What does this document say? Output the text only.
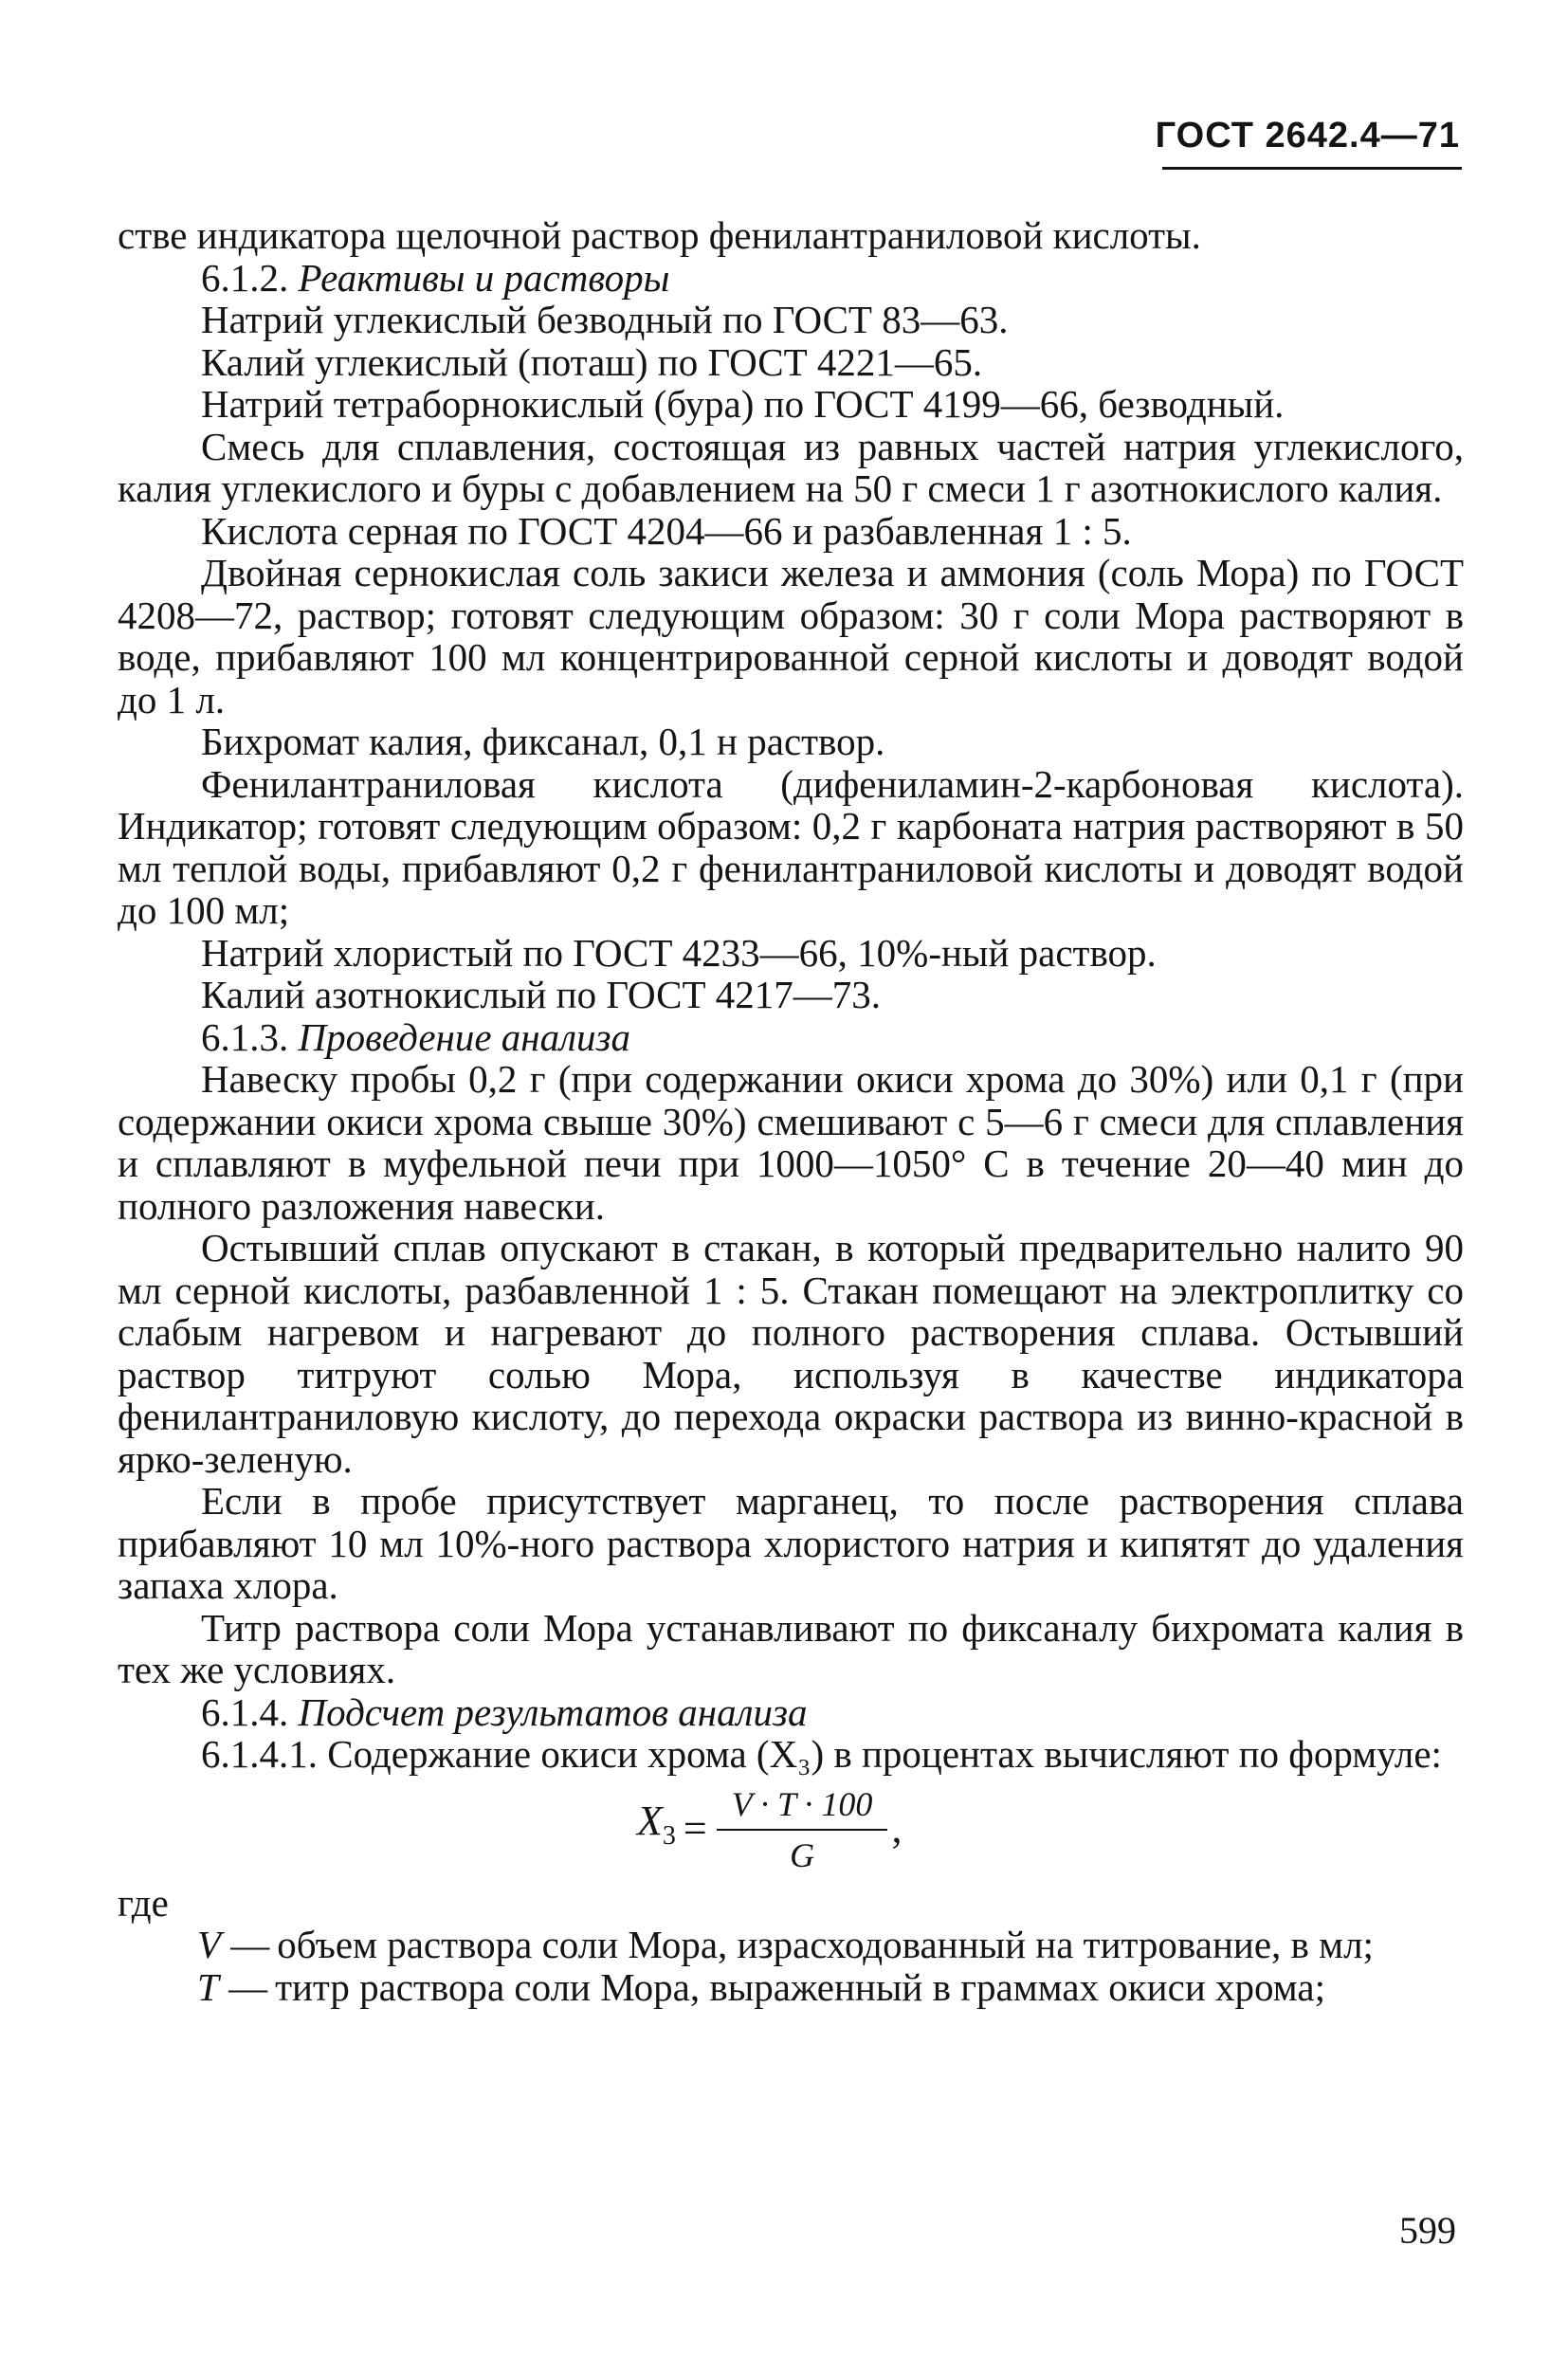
ГОСТ 2642.4—71

стве индикатора щелочной раствор фенилантраниловой кислоты.

6.1.2. Реактивы и растворы

Натрий углекислый безводный по ГОСТ 83—63.

Калий углекислый (поташ) по ГОСТ 4221—65.

Натрий тетраборнокислый (бура) по ГОСТ 4199—66, безводный.

Смесь для сплавления, состоящая из равных частей натрия углекислого, калия углекислого и буры с добавлением на 50 г смеси 1 г азотнокислого калия.

Кислота серная по ГОСТ 4204—66 и разбавленная 1 : 5.

Двойная сернокислая соль закиси железа и аммония (соль Мора) по ГОСТ 4208—72, раствор; готовят следующим образом: 30 г соли Мора растворяют в воде, прибавляют 100 мл концентрированной серной кислоты и доводят водой до 1 л.

Бихромат калия, фиксанал, 0,1 н раствор.

Фенилантраниловая кислота (дифениламин-2-карбоновая кислота). Индикатор; готовят следующим образом: 0,2 г карбоната натрия растворяют в 50 мл теплой воды, прибавляют 0,2 г фенилантраниловой кислоты и доводят водой до 100 мл;

Натрий хлористый по ГОСТ 4233—66, 10%-ный раствор.

Калий азотнокислый по ГОСТ 4217—73.

6.1.3. Проведение анализа

Навеску пробы 0,2 г (при содержании окиси хрома до 30%) или 0,1 г (при содержании окиси хрома свыше 30%) смешивают с 5—6 г смеси для сплавления и сплавляют в муфельной печи при 1000—1050° С в течение 20—40 мин до полного разложения навески.

Остывший сплав опускают в стакан, в который предварительно налито 90 мл серной кислоты, разбавленной 1 : 5. Стакан помещают на электроплитку со слабым нагревом и нагревают до полного растворения сплава. Остывший раствор титруют солью Мора, используя в качестве индикатора фенилантраниловую кислоту, до перехода окраски раствора из винно-красной в ярко-зеленую.

Если в пробе присутствует марганец, то после растворения сплава прибавляют 10 мл 10%-ного раствора хлористого натрия и кипятят до удаления запаха хлора.

Титр раствора соли Мора устанавливают по фиксаналу бихромата калия в тех же условиях.

6.1.4. Подсчет результатов анализа

6.1.4.1. Содержание окиси хрома (X₃) в процентах вычисляют по формуле:

$X_3 = \frac{V \cdot T \cdot 100}{G}$ ,

где

V — объем раствора соли Мора, израсходованный на титрование, в мл;
T — титр раствора соли Мора, выраженный в граммах окиси хрома;
599
